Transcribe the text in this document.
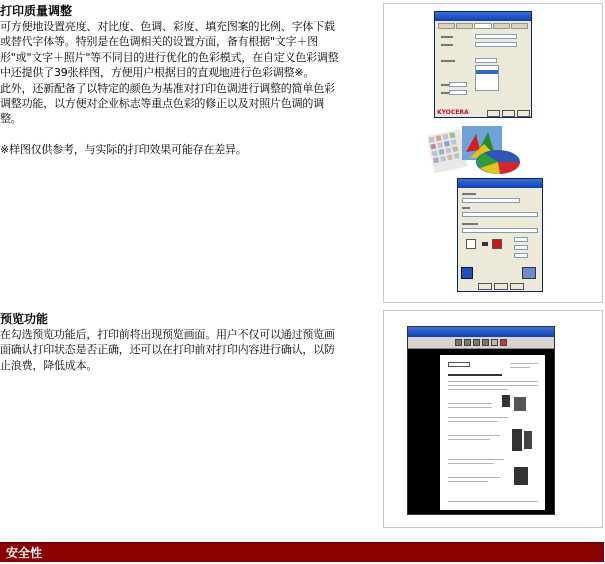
打印质量调整

可方便地设置亮度、对比度、色调、彩度、填充图案的比例、字体下载

或替代字体等。特别是在色调相关的设置方面，备有根据"文字＋图

形"或"文字＋照片"等不同目的进行优化的色彩模式，在自定义色彩调整

中还提供了39张样图，方便用户根据目的直观地进行色彩调整※。

此外，还新配备了以特定的颜色为基准对打印色调进行调整的简单色彩

调整功能，以方便对企业标志等重点色彩的修正以及对照片色调的调

整。

※样图仅供参考，与实际的打印效果可能存在差异。

KYOCERA
预览功能

在勾选预览功能后，打印前将出现预览画面。用户不仅可以通过预览画

面确认打印状态是否正确，还可以在打印前对打印内容进行确认，以防

止浪费，降低成本。

安全性
